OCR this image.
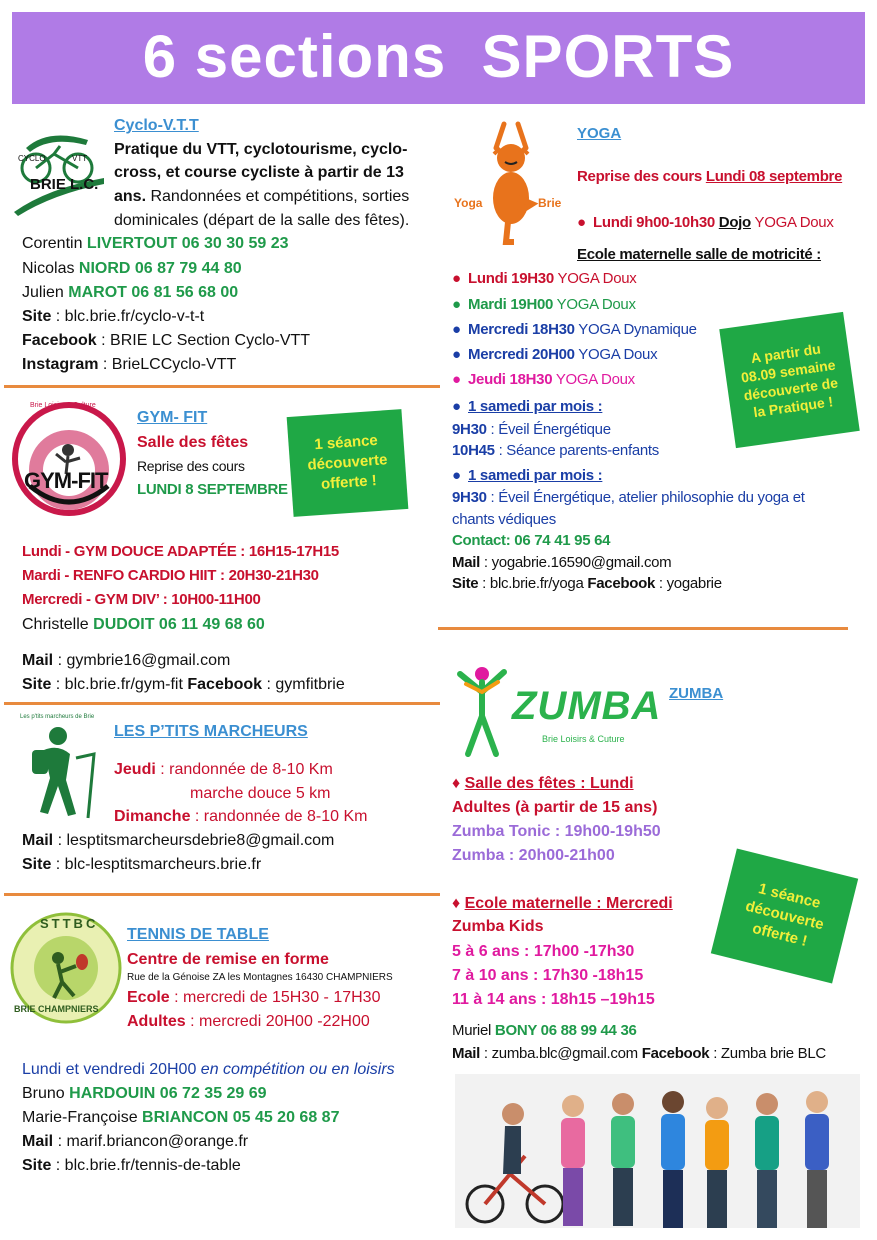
6 sections  SPORTS
CYCLO	VTT
BRIE L.C.
Cyclo-V.T.T
Pratique du VTT, cyclotourisme, cyclo-
cross, et course cycliste à partir de 13
ans. Randonnées et compétitions, sorties
dominicales (départ de la salle des fêtes).
Corentin LIVERTOUT 06 30 30 59 23
Nicolas NIORD 06 87 79 44 80
Julien MAROT 06 81 56 68 00
Site : blc.brie.fr/cyclo-v-t-t
Facebook : BRIE LC Section Cyclo-VTT
Instagram : BrieLCCyclo-VTT
GYM-FIT
Brie Loisirs & Culture
GYM- FIT
Salle des fêtes
Reprise des cours
LUNDI 8 SEPTEMBRE
1 séance découverte offerte !
Lundi - GYM DOUCE ADAPTÉE : 16H15-17H15
Mardi - RENFO CARDIO HIIT : 20H30-21H30
Mercredi - GYM DIV’ : 10H00-11H00
Christelle DUDOIT 06 11 49 68 60
Mail : gymbrie16@gmail.com
Site : blc.brie.fr/gym-fit Facebook : gymfitbrie
Les p'tits marcheurs de Brie
LES P’TITS MARCHEURS
Jeudi : randonnée de 8-10 Km
marche douce 5 km
Dimanche : randonnée de 8-10 Km
Mail : lesptitsmarcheursdebrie8@gmail.com
Site : blc-lesptitsmarcheurs.brie.fr
STTBC
BRIE CHAMPNIERS
TENNIS DE TABLE
Centre de remise en forme
Rue de la Génoise ZA les Montagnes 16430 CHAMPNIERS
Ecole : mercredi de 15H30 - 17H30
Adultes : mercredi 20H00 -22H00
Lundi et vendredi 20H00 en compétition ou en loisirs
Bruno HARDOUIN 06 72 35 29 69
Marie-Françoise BRIANCON 05 45 20 68 87
Mail : marif.briancon@orange.fr
Site : blc.brie.fr/tennis-de-table
Yoga	Brie
YOGA
Reprise des cours Lundi 08 septembre
● Lundi 9h00-10h30 Dojo YOGA Doux
Ecole maternelle salle de motricité :
● Lundi 19H30 YOGA Doux
● Mardi 19H00 YOGA Doux
● Mercredi 18H30 YOGA Dynamique
● Mercredi 20H00 YOGA Doux
● Jeudi 18H30 YOGA Doux
A partir du 08.09 semaine découverte de la Pratique !
● 1 samedi par mois :
9H30 : Éveil Énergétique
10H45 : Séance parents-enfants
● 1 samedi par mois :
9H30 : Éveil Énergétique, atelier philosophie du yoga et
chants védiques
Contact: 06 74 41 95 64
Mail : yogabrie.16590@gmail.com
Site : blc.brie.fr/yoga Facebook : yogabrie
ZUMBA
Brie Loisirs & Cuture
ZUMBA
♦ Salle des fêtes : Lundi
Adultes (à partir de 15 ans)
Zumba Tonic : 19h00-19h50
Zumba : 20h00-21h00
1 séance découverte offerte !
♦ Ecole maternelle : Mercredi
Zumba Kids
5 à 6 ans : 17h00 -17h30
7 à 10 ans : 17h30 -18h15
11 à 14 ans : 18h15 –19h15
Muriel BONY 06 88 99 44 36
Mail : zumba.blc@gmail.com Facebook : Zumba brie BLC
